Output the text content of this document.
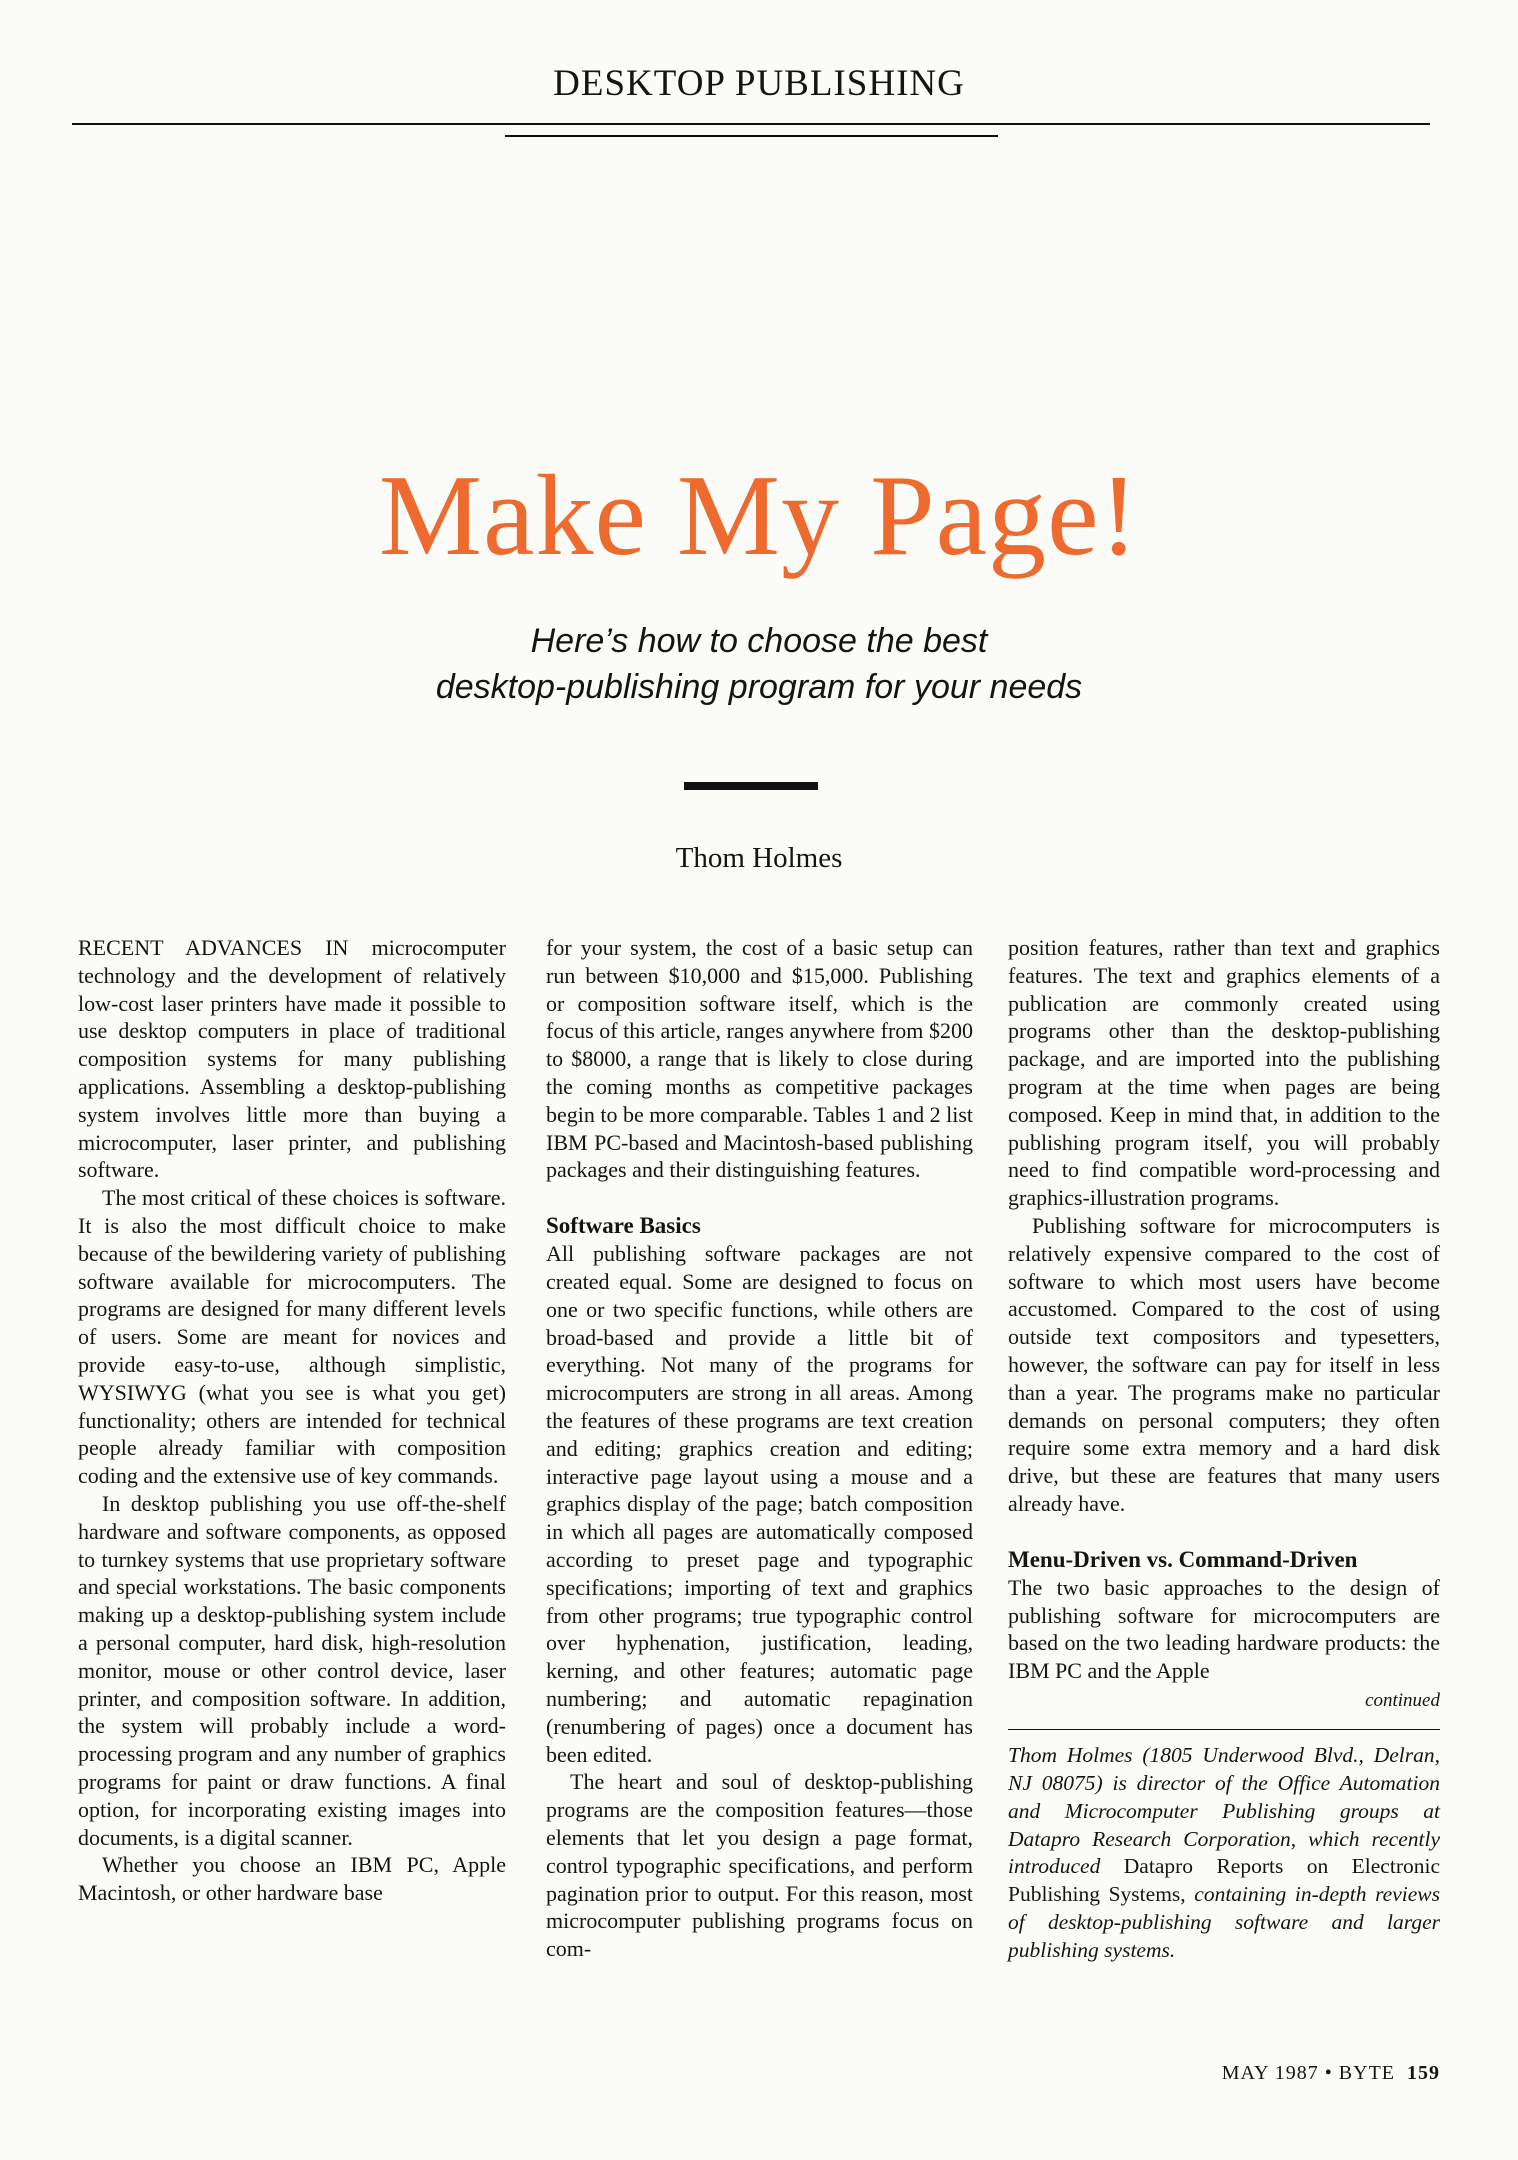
DESKTOP PUBLISHING
Make My Page!
Here’s how to choose the best
desktop-publishing program for your needs
Thom Holmes

RECENT ADVANCES IN microcomputer technology and the development of relatively low-cost laser printers have made it possible to use desktop computers in place of traditional composition systems for many publishing applications. Assembling a desktop-publishing system involves little more than buying a microcomputer, laser printer, and publishing software.

The most critical of these choices is software. It is also the most difficult choice to make because of the bewildering variety of publishing software available for microcomputers. The programs are designed for many different levels of users. Some are meant for novices and provide easy-to-use, although simplistic, WYSIWYG (what you see is what you get) functionality; others are intended for technical people already familiar with composition coding and the extensive use of key commands.

In desktop publishing you use off-the-shelf hardware and software components, as opposed to turnkey systems that use proprietary software and special workstations. The basic components making up a desktop-publishing system include a personal computer, hard disk, high-resolution monitor, mouse or other control device, laser printer, and composition software. In addition, the system will probably include a word-processing program and any number of graphics programs for paint or draw functions. A final option, for incorporating existing images into documents, is a digital scanner.

Whether you choose an IBM PC, Apple Macintosh, or other hardware base

for your system, the cost of a basic setup can run between $10,000 and $15,000. Publishing or composition software itself, which is the focus of this article, ranges anywhere from $200 to $8000, a range that is likely to close during the coming months as competitive packages begin to be more comparable. Tables 1 and 2 list IBM PC-based and Macintosh-based publishing packages and their distinguishing features.

Software Basics

All publishing software packages are not created equal. Some are designed to focus on one or two specific functions, while others are broad-based and provide a little bit of everything. Not many of the programs for microcomputers are strong in all areas. Among the features of these programs are text creation and editing; graphics creation and editing; interactive page layout using a mouse and a graphics display of the page; batch composition in which all pages are automatically composed according to preset page and typographic specifications; importing of text and graphics from other programs; true typographic control over hyphenation, justification, leading, kerning, and other features; automatic page numbering; and automatic repagination (renumbering of pages) once a document has been edited.

The heart and soul of desktop-publishing programs are the composition features—those elements that let you design a page format, control typographic specifications, and perform pagination prior to output. For this reason, most microcomputer publishing programs focus on com-

position features, rather than text and graphics features. The text and graphics elements of a publication are commonly created using programs other than the desktop-publishing package, and are imported into the publishing program at the time when pages are being composed. Keep in mind that, in addition to the publishing program itself, you will probably need to find compatible word-processing and graphics-illustration programs.

Publishing software for microcomputers is relatively expensive compared to the cost of software to which most users have become accustomed. Compared to the cost of using outside text compositors and typesetters, however, the software can pay for itself in less than a year. The programs make no particular demands on personal computers; they often require some extra memory and a hard disk drive, but these are features that many users already have.

Menu-Driven vs. Command-Driven

The two basic approaches to the design of publishing software for microcomputers are based on the two leading hardware products: the IBM PC and the Apple

continued
Thom Holmes (1805 Underwood Blvd., Delran, NJ 08075) is director of the Office Automation and Microcomputer Publishing groups at Datapro Research Corporation, which recently introduced Datapro Reports on Electronic Publishing Systems, containing in-depth reviews of desktop-publishing software and larger publishing systems.
MAY 1987 • BYTE 159
